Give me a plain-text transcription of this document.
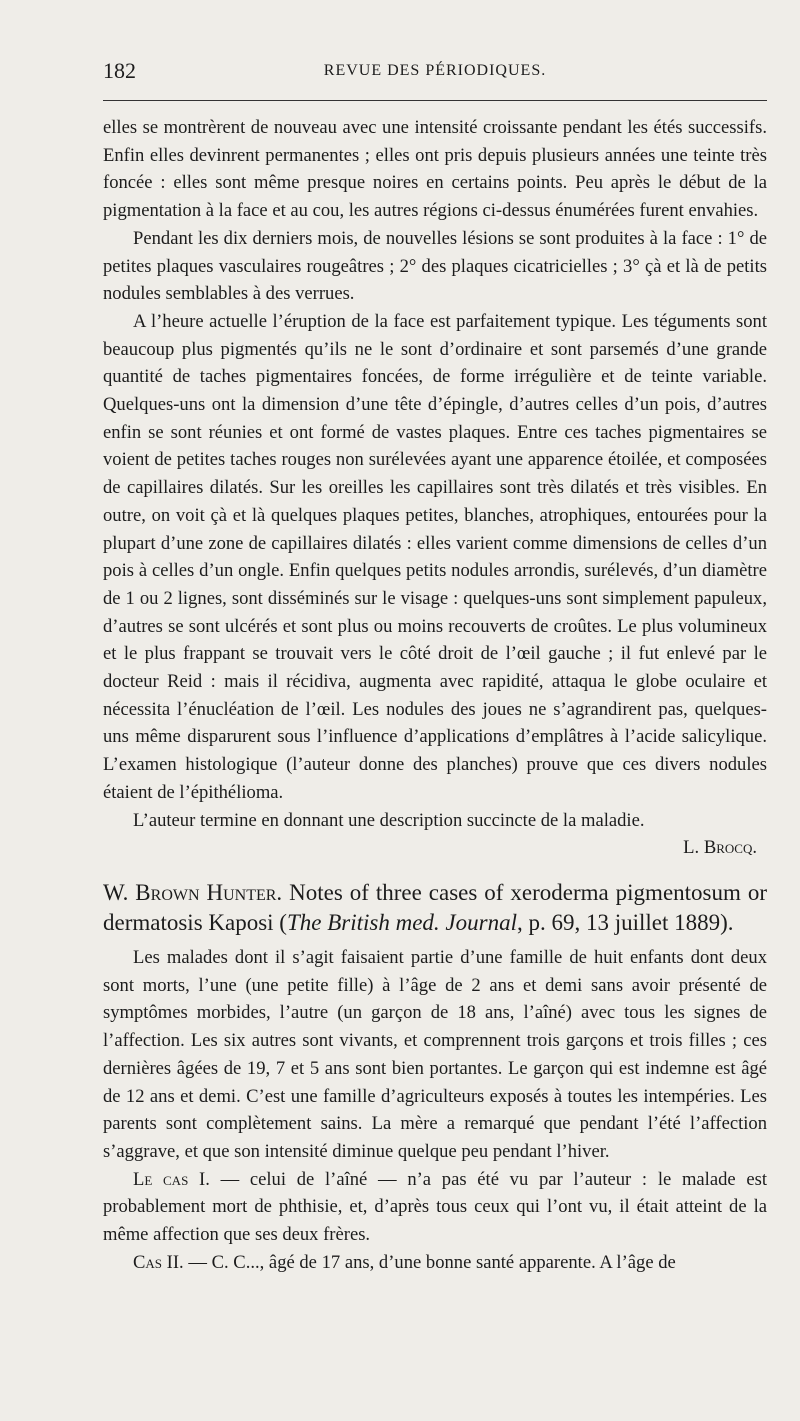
182	REVUE DES PÉRIODIQUES.

elles se montrèrent de nouveau avec une intensité croissante pendant les étés successifs. Enfin elles devinrent permanentes ; elles ont pris depuis plusieurs années une teinte très foncée : elles sont même presque noires en certains points. Peu après le début de la pigmentation à la face et au cou, les autres régions ci-dessus énumérées furent envahies.

Pendant les dix derniers mois, de nouvelles lésions se sont produites à la face : 1° de petites plaques vasculaires rougeâtres ; 2° des plaques cicatricielles ; 3° çà et là de petits nodules semblables à des verrues.

A l’heure actuelle l’éruption de la face est parfaitement typique. Les téguments sont beaucoup plus pigmentés qu’ils ne le sont d’ordinaire et sont parsemés d’une grande quantité de taches pigmentaires foncées, de forme irrégulière et de teinte variable. Quelques-uns ont la dimension d’une tête d’épingle, d’autres celles d’un pois, d’autres enfin se sont réunies et ont formé de vastes plaques. Entre ces taches pigmentaires se voient de petites taches rouges non surélevées ayant une apparence étoilée, et composées de capillaires dilatés. Sur les oreilles les capillaires sont très dilatés et très visibles. En outre, on voit çà et là quelques plaques petites, blanches, atrophiques, entourées pour la plupart d’une zone de capillaires dilatés : elles varient comme dimensions de celles d’un pois à celles d’un ongle. Enfin quelques petits nodules arrondis, surélevés, d’un diamètre de 1 ou 2 lignes, sont disséminés sur le visage : quelques-uns sont simplement papuleux, d’autres se sont ulcérés et sont plus ou moins recouverts de croûtes. Le plus volumineux et le plus frappant se trouvait vers le côté droit de l’œil gauche ; il fut enlevé par le docteur Reid : mais il récidiva, augmenta avec rapidité, attaqua le globe oculaire et nécessita l’énucléation de l’œil. Les nodules des joues ne s’agrandirent pas, quelques-uns même disparurent sous l’influence d’applications d’emplâtres à l’acide salicylique. L’examen histologique (l’auteur donne des planches) prouve que ces divers nodules étaient de l’épithélioma.

L’auteur termine en donnant une description succincte de la maladie.

L. Brocq.
W. Brown Hunter. Notes of three cases of xeroderma pigmentosum or dermatosis Kaposi (The British med. Journal, p. 69, 13 juillet 1889).

Les malades dont il s’agit faisaient partie d’une famille de huit enfants dont deux sont morts, l’une (une petite fille) à l’âge de 2 ans et demi sans avoir présenté de symptômes morbides, l’autre (un garçon de 18 ans, l’aîné) avec tous les signes de l’affection. Les six autres sont vivants, et comprennent trois garçons et trois filles ; ces dernières âgées de 19, 7 et 5 ans sont bien portantes. Le garçon qui est indemne est âgé de 12 ans et demi. C’est une famille d’agriculteurs exposés à toutes les intempéries. Les parents sont complètement sains. La mère a remarqué que pendant l’été l’affection s’aggrave, et que son intensité diminue quelque peu pendant l’hiver.

Le cas I. — celui de l’aîné — n’a pas été vu par l’auteur : le malade est probablement mort de phthisie, et, d’après tous ceux qui l’ont vu, il était atteint de la même affection que ses deux frères.

Cas II. — C. C..., âgé de 17 ans, d’une bonne santé apparente. A l’âge de
